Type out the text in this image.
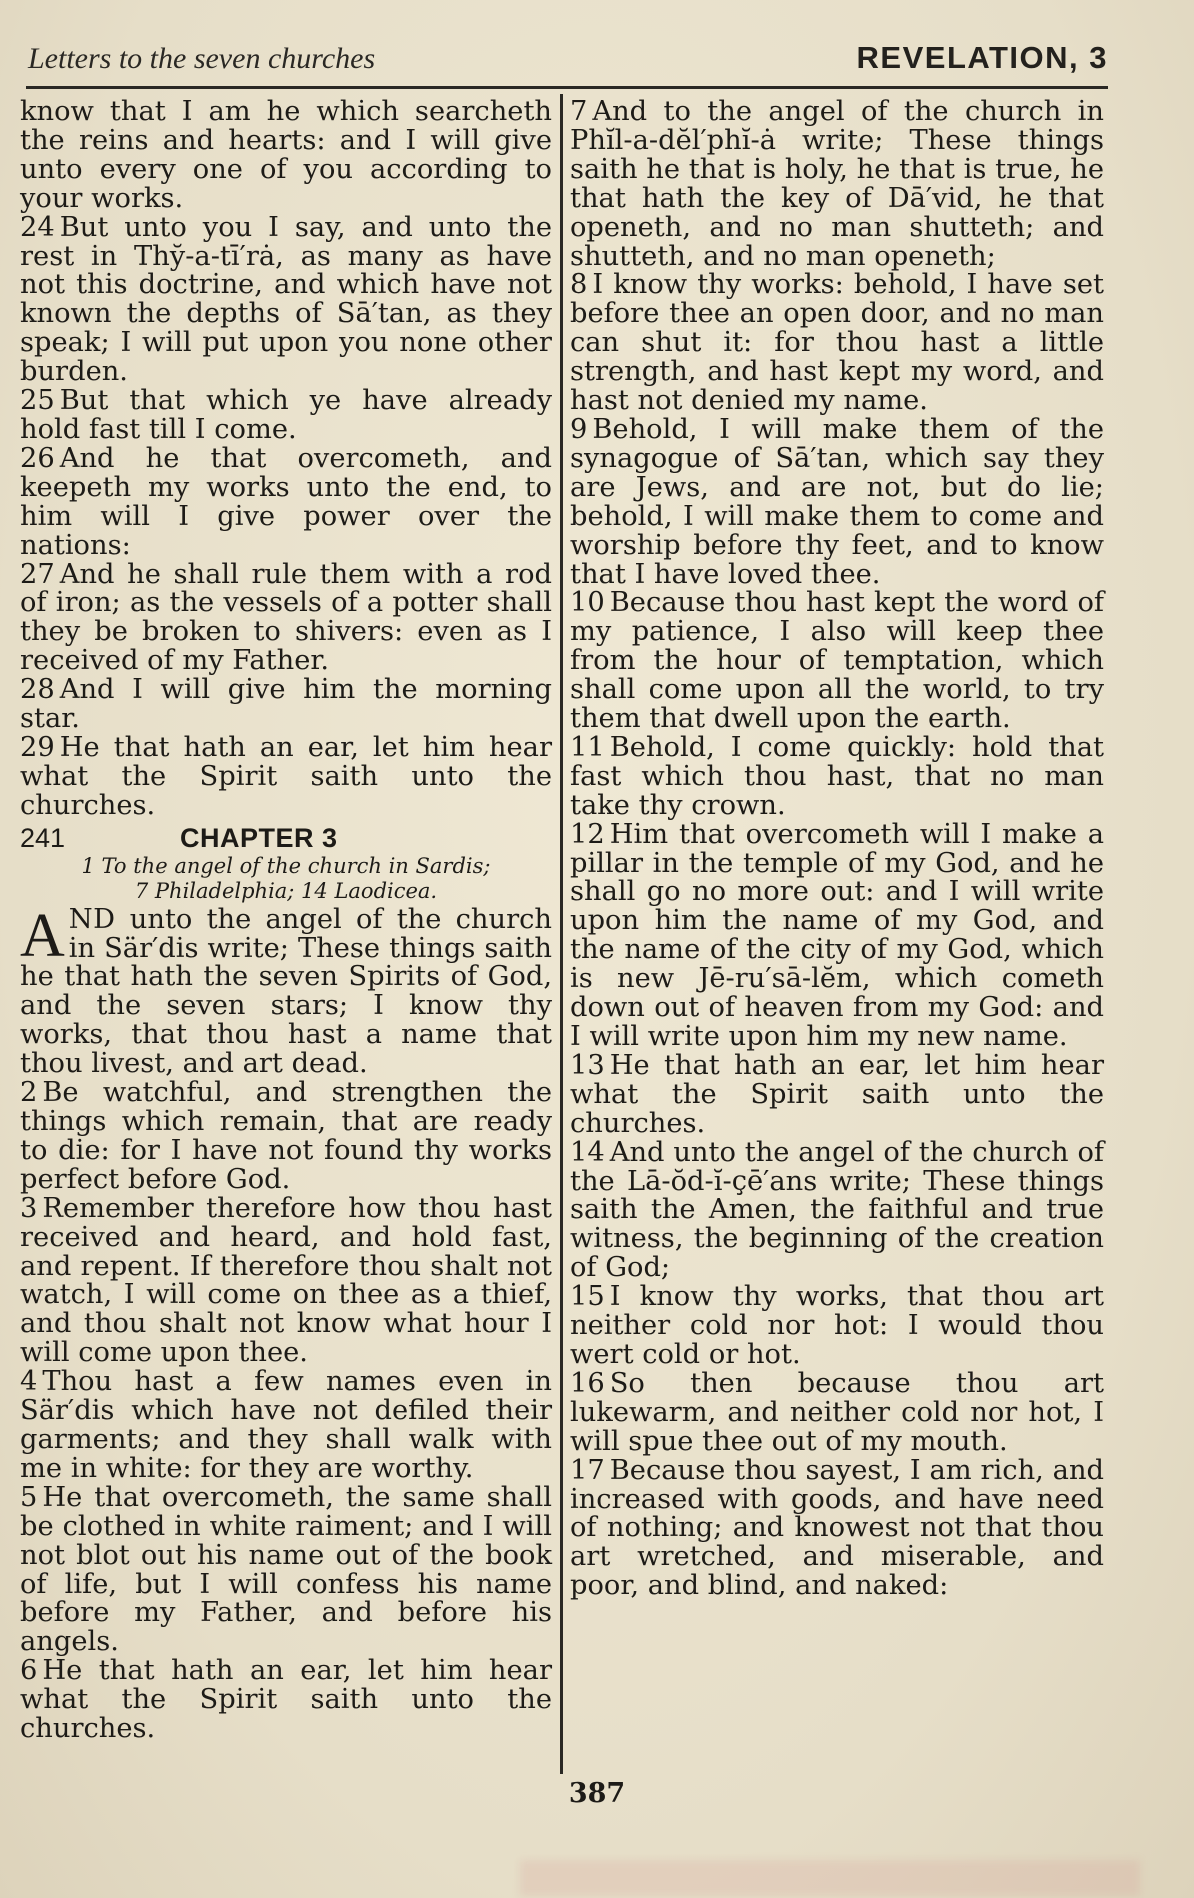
Letters to the seven churches	REVELATION, 3

know that I am he which searcheth the reins and hearts: and I will give unto every one of you according to your works.

24 But unto you I say, and unto the rest in Thy̆-a-tī′rȧ, as many as have not this doctrine, and which have not known the depths of Sā′tan, as they speak; I will put upon you none other burden.

25 But that which ye have already hold fast till I come.

26 And he that overcometh, and keepeth my works unto the end, to him will I give power over the nations:

27 And he shall rule them with a rod of iron; as the vessels of a potter shall they be broken to shivers: even as I received of my Father.

28 And I will give him the morning star.

29 He that hath an ear, let him hear what the Spirit saith unto the churches.

241	CHAPTER 3

1 To the angel of the church in Sardis;

7 Philadelphia; 14 Laodicea.

AND unto the angel of the church in Sär′dis write; These things saith he that hath the seven Spirits of God, and the seven stars; I know thy works, that thou hast a name that thou livest, and art dead.

2 Be watchful, and strengthen the things which remain, that are ready to die: for I have not found thy works perfect before God.

3 Remember therefore how thou hast received and heard, and hold fast, and repent. If therefore thou shalt not watch, I will come on thee as a thief, and thou shalt not know what hour I will come upon thee.

4 Thou hast a few names even in Sär′dis which have not defiled their garments; and they shall walk with me in white: for they are worthy.

5 He that overcometh, the same shall be clothed in white raiment; and I will not blot out his name out of the book of life, but I will confess his name before my Father, and before his angels.

6 He that hath an ear, let him hear what the Spirit saith unto the churches.

7 And to the angel of the church in Phĭl-a-dĕl′phĭ-ȧ write; These things saith he that is holy, he that is true, he that hath the key of Dā′vid, he that openeth, and no man shutteth; and shutteth, and no man openeth;

8 I know thy works: behold, I have set before thee an open door, and no man can shut it: for thou hast a little strength, and hast kept my word, and hast not denied my name.

9 Behold, I will make them of the synagogue of Sā′tan, which say they are Jews, and are not, but do lie; behold, I will make them to come and worship before thy feet, and to know that I have loved thee.

10 Because thou hast kept the word of my patience, I also will keep thee from the hour of temptation, which shall come upon all the world, to try them that dwell upon the earth.

11 Behold, I come quickly: hold that fast which thou hast, that no man take thy crown.

12 Him that overcometh will I make a pillar in the temple of my God, and he shall go no more out: and I will write upon him the name of my God, and the name of the city of my God, which is new Jē-ru′sā-lĕm, which cometh down out of heaven from my God: and I will write upon him my new name.

13 He that hath an ear, let him hear what the Spirit saith unto the churches.

14 And unto the angel of the church of the Lā-ŏd-ĭ-çē′ans write; These things saith the Amen, the faithful and true witness, the beginning of the creation of God;

15 I know thy works, that thou art neither cold nor hot: I would thou wert cold or hot.

16 So then because thou art lukewarm, and neither cold nor hot, I will spue thee out of my mouth.

17 Because thou sayest, I am rich, and increased with goods, and have need of nothing; and knowest not that thou art wretched, and miserable, and poor, and blind, and naked:

387
